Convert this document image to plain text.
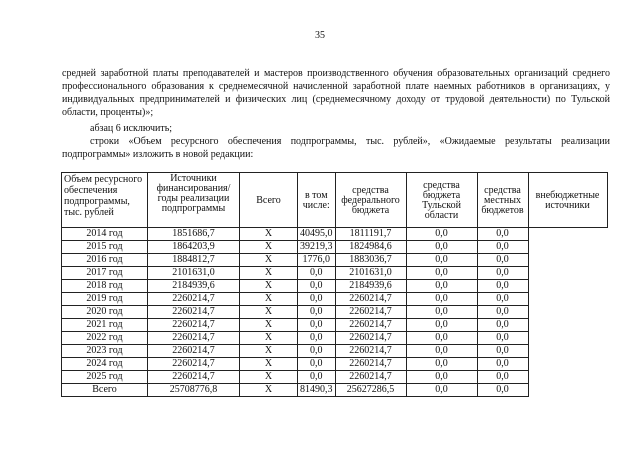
35
средней заработной платы преподавателей и мастеров производственного обучения образовательных организаций среднего профессионального образования к среднемесячной начисленной заработной плате наемных работников в организациях, у индивидуальных предпринимателей и физических лиц (среднемесячному доходу от трудовой деятельности) по Тульской области, проценты)»;
абзац 6 исключить;
строки «Объем ресурсного обеспечения подпрограммы, тыс. рублей», «Ожидаемые результаты реализации подпрограммы» изложить в новой редакции:
Объем ресурсного обеспечения подпрограммы, тыс. рублей	Источники финансирования/ годы реализации подпрограммы	Всего	в том числе:	средства федерального бюджета	средства бюджета Тульской области	средства местных бюджетов	внебюджетные источники
2014 год	1851686,7	X	40495,0	1811191,7	0,0	0,0	
2015 год	1864203,9	X	39219,3	1824984,6	0,0	0,0	
2016 год	1884812,7	X	1776,0	1883036,7	0,0	0,0	
2017 год	2101631,0	X	0,0	2101631,0	0,0	0,0	
2018 год	2184939,6	X	0,0	2184939,6	0,0	0,0	
2019 год	2260214,7	X	0,0	2260214,7	0,0	0,0	
2020 год	2260214,7	X	0,0	2260214,7	0,0	0,0	
2021 год	2260214,7	X	0,0	2260214,7	0,0	0,0	
2022 год	2260214,7	X	0,0	2260214,7	0,0	0,0	
2023 год	2260214,7	X	0,0	2260214,7	0,0	0,0	
2024 год	2260214,7	X	0,0	2260214,7	0,0	0,0	
2025 год	2260214,7	X	0,0	2260214,7	0,0	0,0	
Всего	25708776,8	X	81490,3	25627286,5	0,0	0,0	
